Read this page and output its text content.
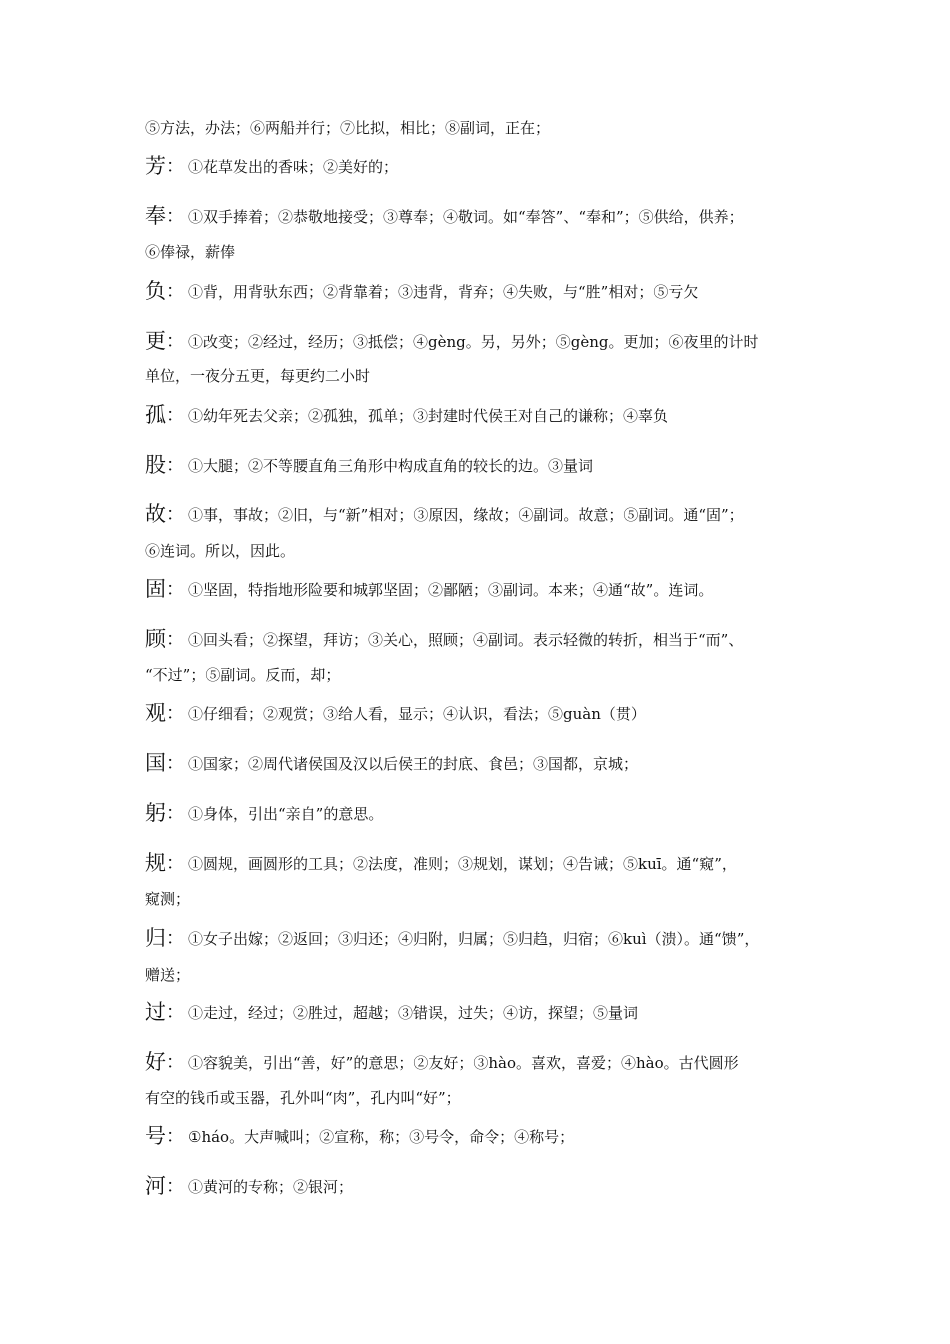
⑤方法，办法；⑥两船并行；⑦比拟，相比；⑧副词，正在；
芳： ①花草发出的香味；②美好的；
奉： ①双手捧着；②恭敬地接受；③尊奉；④敬词。如“奉答”、“奉和”；⑤供给，供养；
⑥俸禄，薪俸
负： ①背，用背驮东西；②背靠着；③违背，背弃；④失败，与“胜”相对；⑤亏欠
更： ①改变；②经过，经历；③抵偿；④gèng。另，另外；⑤gèng。更加；⑥夜里的计时
单位，一夜分五更，每更约二小时
孤： ①幼年死去父亲；②孤独，孤单；③封建时代侯王对自己的谦称；④辜负
股： ①大腿；②不等腰直角三角形中构成直角的较长的边。③量词
故： ①事，事故；②旧，与“新”相对；③原因，缘故；④副词。故意；⑤副词。通“固”；
⑥连词。所以，因此。
固： ①坚固，特指地形险要和城郭坚固；②鄙陋；③副词。本来；④通“故”。连词。
顾： ①回头看；②探望，拜访；③关心，照顾；④副词。表示轻微的转折，相当于“而”、
“不过”；⑤副词。反而，却；
观： ①仔细看；②观赏；③给人看，显示；④认识，看法；⑤guàn（贯）
国： ①国家；②周代诸侯国及汉以后侯王的封底、食邑；③国都，京城；
躬： ①身体，引出“亲自”的意思。
规： ①圆规，画圆形的工具；②法度，准则；③规划，谋划；④告诫；⑤kuī。通“窥”，
窥测；
归： ①女子出嫁；②返回；③归还；④归附，归属；⑤归趋，归宿；⑥kuì（溃）。通“馈”，
赠送；
过： ①走过，经过；②胜过，超越；③错误，过失；④访，探望；⑤量词
好： ①容貌美，引出“善，好”的意思；②友好；③hào。喜欢，喜爱；④hào。古代圆形
有空的钱币或玉器，孔外叫“肉”，孔内叫“好”；
号： ①háo。大声喊叫；②宣称，称；③号令，命令；④称号；
河： ①黄河的专称；②银河；
